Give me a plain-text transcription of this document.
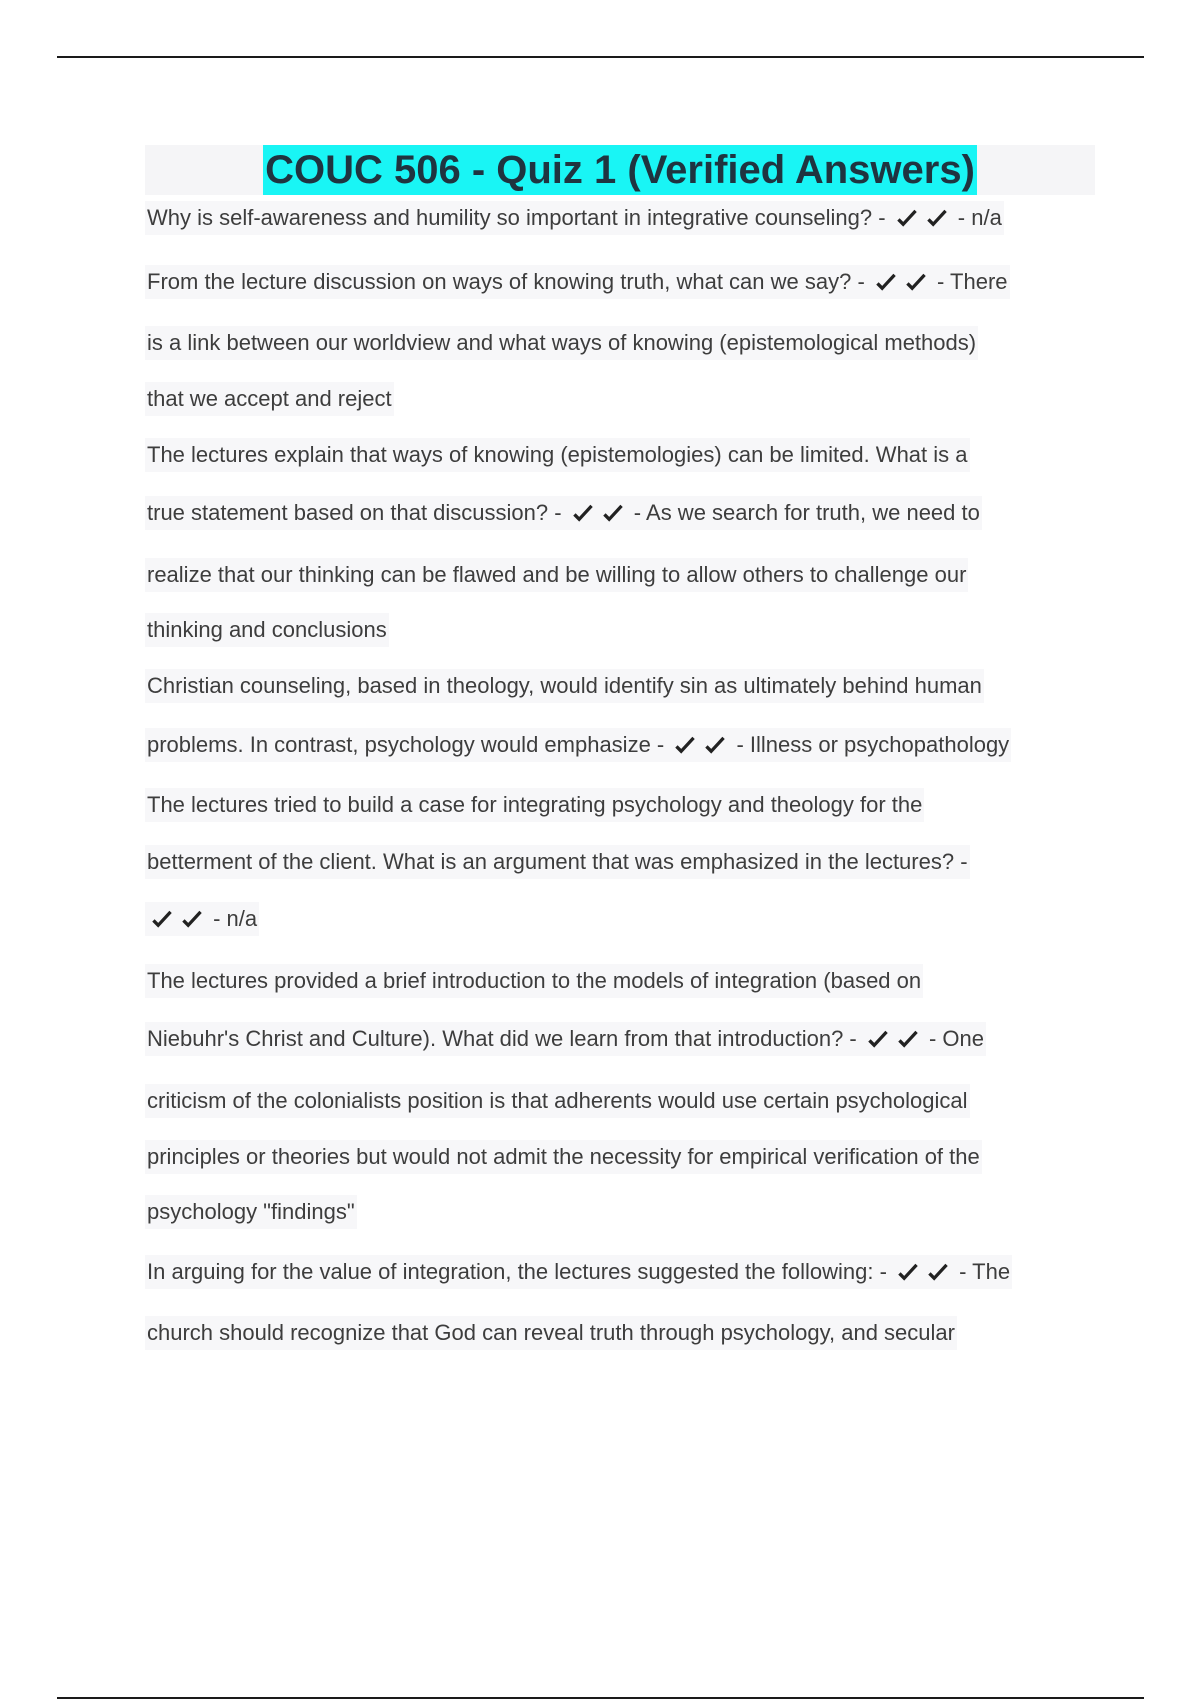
COUC 506 - Quiz 1 (Verified Answers)
Why is self-awareness and humility so important in integrative counseling? -	- n/a
From the lecture discussion on ways of knowing truth, what can we say? -	- There
is a link between our worldview and what ways of knowing (epistemological methods)
that we accept and reject
The lectures explain that ways of knowing (epistemologies) can be limited. What is a
true statement based on that discussion? -	- As we search for truth, we need to
realize that our thinking can be flawed and be willing to allow others to challenge our
thinking and conclusions
Christian counseling, based in theology, would identify sin as ultimately behind human
problems. In contrast, psychology would emphasize -	- Illness or psychopathology
The lectures tried to build a case for integrating psychology and theology for the
betterment of the client. What is an argument that was emphasized in the lectures? -
- n/a
The lectures provided a brief introduction to the models of integration (based on
Niebuhr's Christ and Culture). What did we learn from that introduction? -	- One
criticism of the colonialists position is that adherents would use certain psychological
principles or theories but would not admit the necessity for empirical verification of the
psychology "findings"
In arguing for the value of integration, the lectures suggested the following: -	- The
church should recognize that God can reveal truth through psychology, and secular
